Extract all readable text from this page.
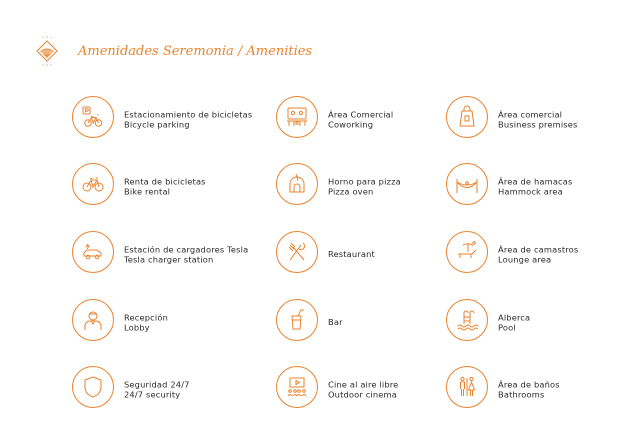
Amenidades Seremonia / Amenities
Estacionamiento de bicicletas
Bicycle parking
Área Comercial
Coworking
Área comercial
Business premises
Renta de bicicletas
Bike rental
Horno para pizza
Pizza oven
Área de hamacas
Hammock area
Estación de cargadores Tesla
Tesla charger station	Restaurant	Área de camastros
Lounge area
Recepción
Lobby	Bar	Alberca
Pool
Seguridad 24/7
24/7 security
Cine al aire libre
Outdoor cinema
Área de baños
Bathrooms
